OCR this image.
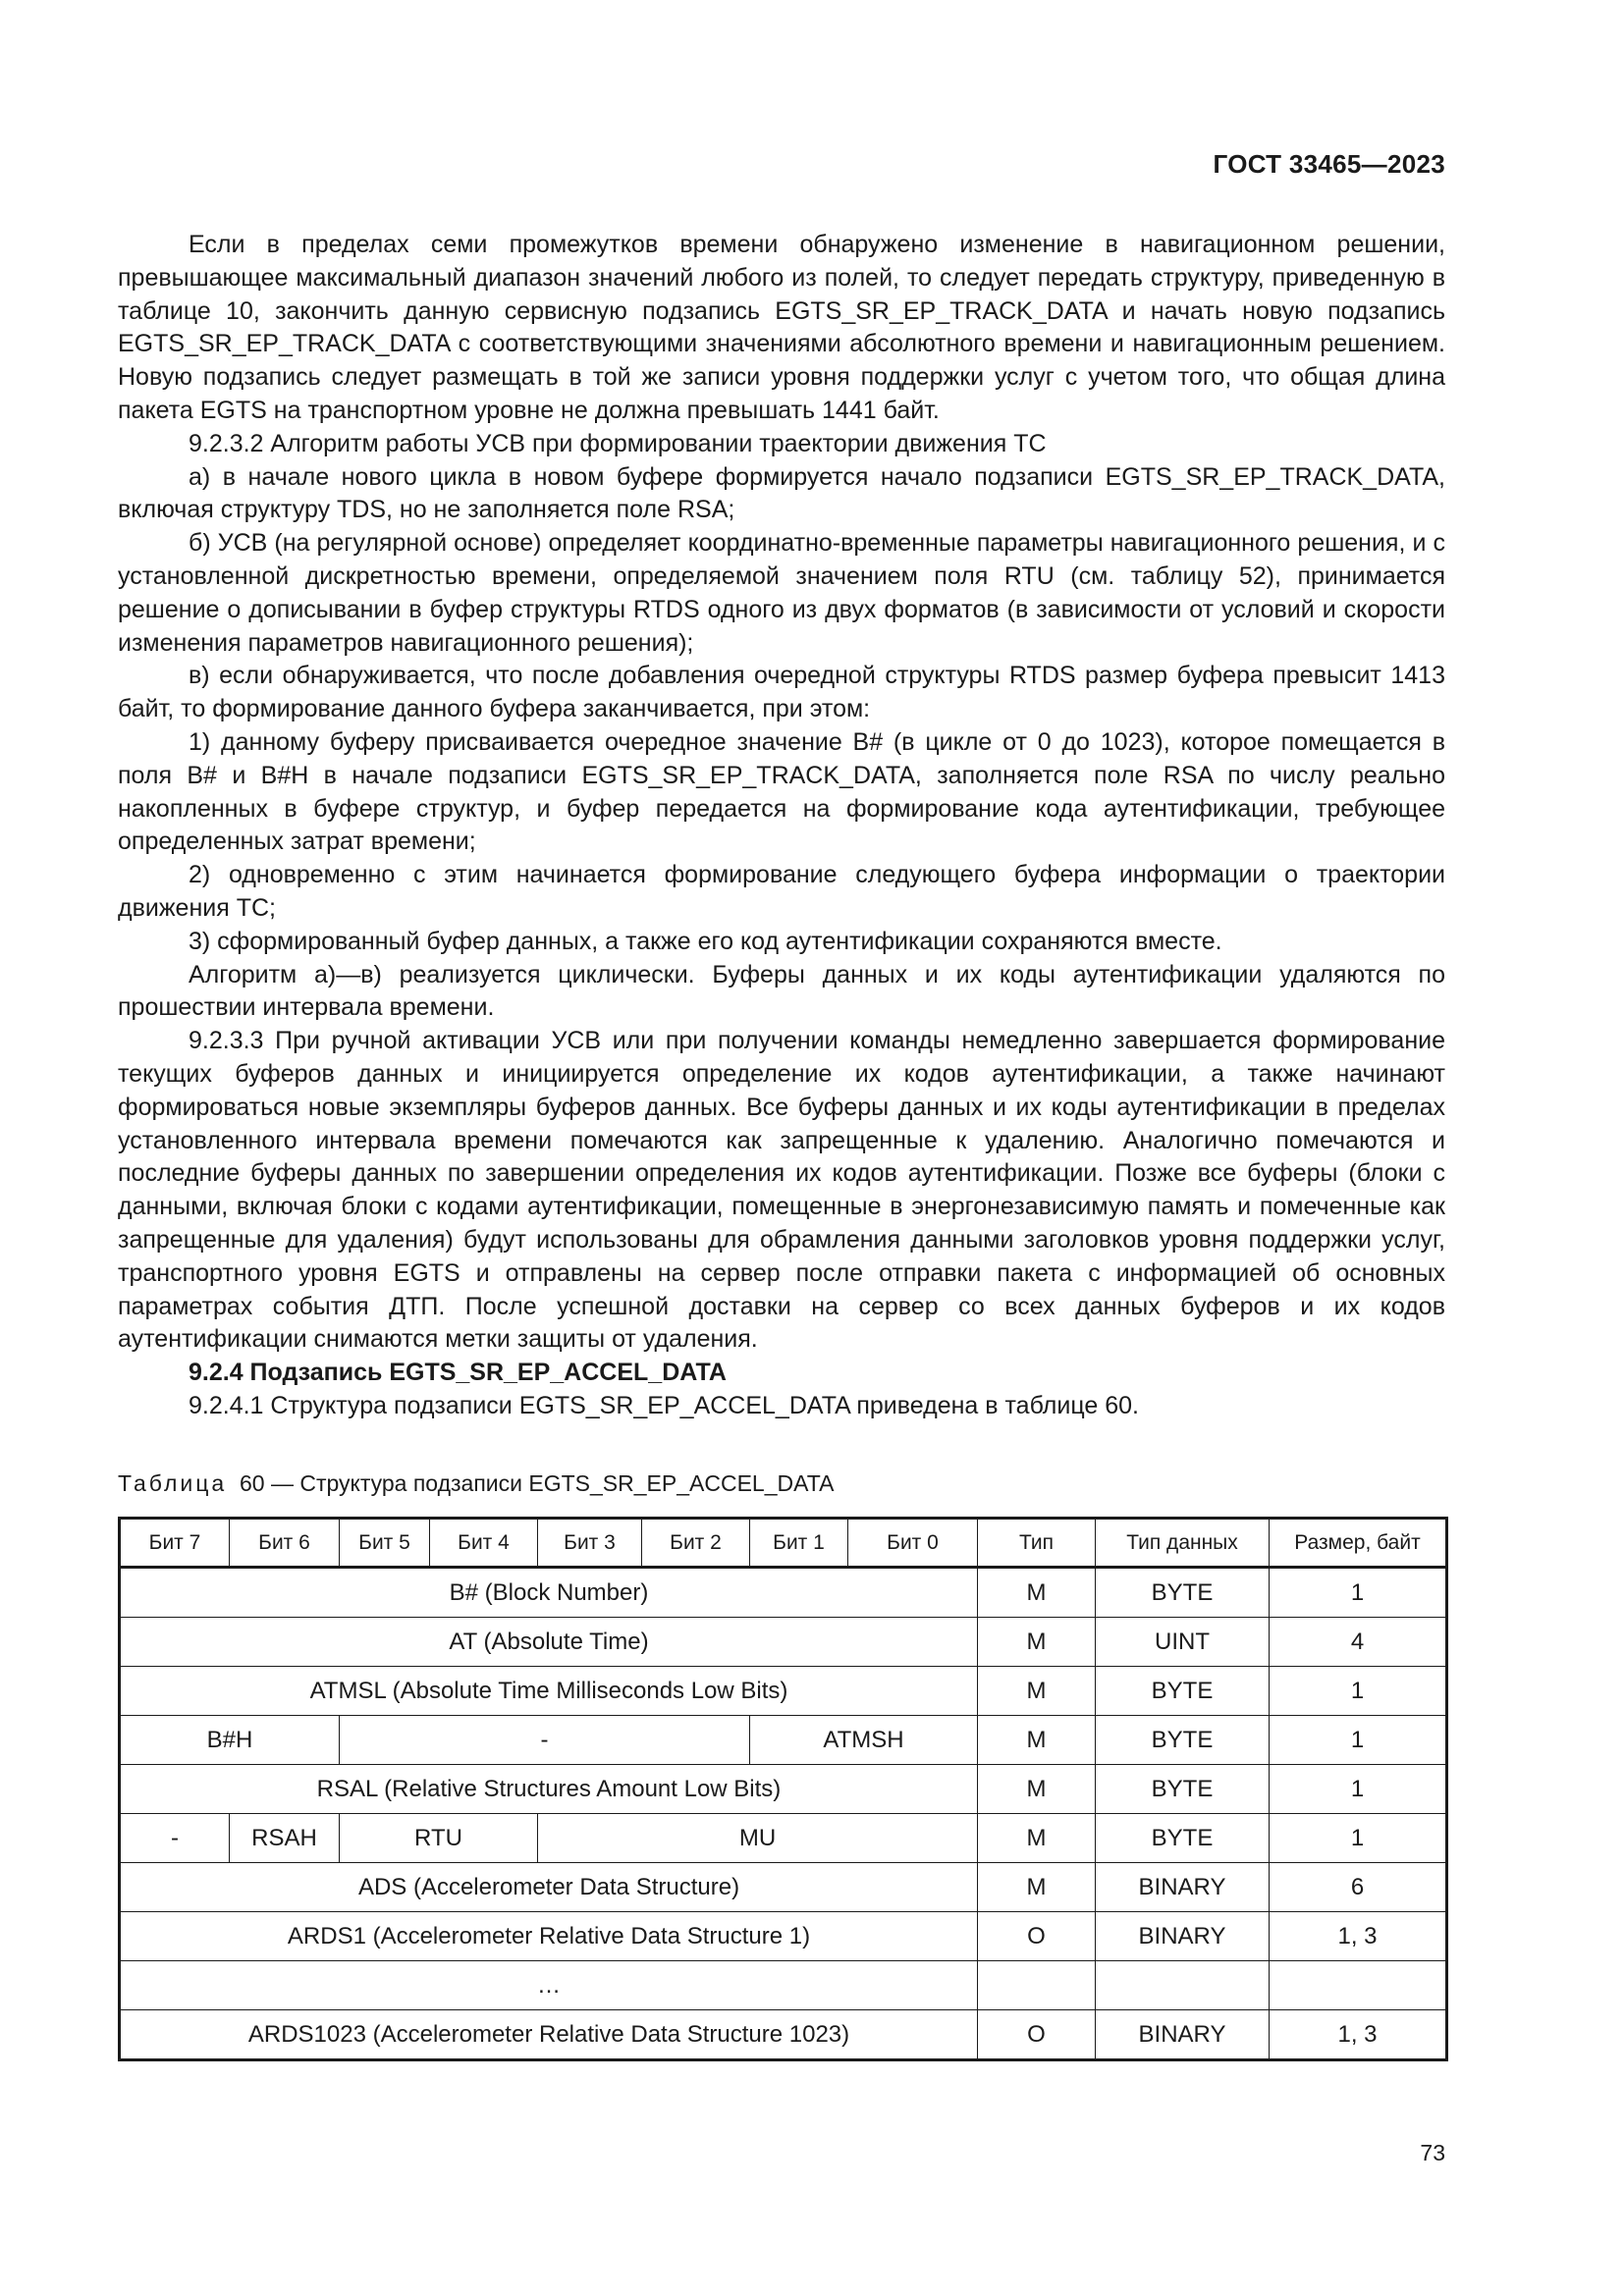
ГОСТ 33465—2023

Если в пределах семи промежутков времени обнаружено изменение в навигационном решении, превышающее максимальный диапазон значений любого из полей, то следует передать структуру, приведенную в таблице 10, закончить данную сервисную подзапись EGTS_SR_EP_TRACK_DATA и начать новую подзапись EGTS_SR_EP_TRACK_DATA с соответствующими значениями абсолютного времени и навигационным решением. Новую подзапись следует размещать в той же записи уровня поддержки услуг с учетом того, что общая длина пакета EGTS на транспортном уровне не должна превышать 1441 байт.

9.2.3.2 Алгоритм работы УСВ при формировании траектории движения ТС

а) в начале нового цикла в новом буфере формируется начало подзаписи EGTS_SR_EP_TRACK_DATA, включая структуру TDS, но не заполняется поле RSA;

б) УСВ (на регулярной основе) определяет координатно-временные параметры навигационного решения, и с установленной дискретностью времени, определяемой значением поля RTU (см. таблицу 52), принимается решение о дописывании в буфер структуры RTDS одного из двух форматов (в зависимости от условий и скорости изменения параметров навигационного решения);

в) если обнаруживается, что после добавления очередной структуры RTDS размер буфера превысит 1413 байт, то формирование данного буфера заканчивается, при этом:

1) данному буферу присваивается очередное значение B# (в цикле от 0 до 1023), которое помещается в поля B# и B#H в начале подзаписи EGTS_SR_EP_TRACK_DATA, заполняется поле RSA по числу реально накопленных в буфере структур, и буфер передается на формирование кода аутентификации, требующее определенных затрат времени;

2) одновременно с этим начинается формирование следующего буфера информации о траектории движения ТС;

3) сформированный буфер данных, а также его код аутентификации сохраняются вместе.

Алгоритм а)—в) реализуется циклически. Буферы данных и их коды аутентификации удаляются по прошествии интервала времени.

9.2.3.3 При ручной активации УСВ или при получении команды немедленно завершается формирование текущих буферов данных и инициируется определение их кодов аутентификации, а также начинают формироваться новые экземпляры буферов данных. Все буферы данных и их коды аутентификации в пределах установленного интервала времени помечаются как запрещенные к удалению. Аналогично помечаются и последние буферы данных по завершении определения их кодов аутентификации. Позже все буферы (блоки с данными, включая блоки с кодами аутентификации, помещенные в энергонезависимую память и помеченные как запрещенные для удаления) будут использованы для обрамления данными заголовков уровня поддержки услуг, транспортного уровня EGTS и отправлены на сервер после отправки пакета с информацией об основных параметрах события ДТП. После успешной доставки на сервер со всех данных буферов и их кодов аутентификации снимаются метки защиты от удаления.

9.2.4 Подзапись EGTS_SR_EP_ACCEL_DATA

9.2.4.1 Структура подзаписи EGTS_SR_EP_ACCEL_DATA приведена в таблице 60.

Таблица 60 — Структура подзаписи EGTS_SR_EP_ACCEL_DATA
Бит 7	Бит 6	Бит 5	Бит 4	Бит 3	Бит 2	Бит 1	Бит 0	Тип	Тип данных	Размер, байт
B# (Block Number)								M	BYTE	1
AT (Absolute Time)								M	UINT	4
ATMSL (Absolute Time Milliseconds Low Bits)								M	BYTE	1
B#H		-				ATMSH		M	BYTE	1
RSAL (Relative Structures Amount Low Bits)								M	BYTE	1
-	RSAH	RTU		MU				M	BYTE	1
ADS (Accelerometer Data Structure)								M	BINARY	6
ARDS1 (Accelerometer Relative Data Structure 1)								O	BINARY	1, 3
…										
ARDS1023 (Accelerometer Relative Data Structure 1023)								O	BINARY	1, 3
73
